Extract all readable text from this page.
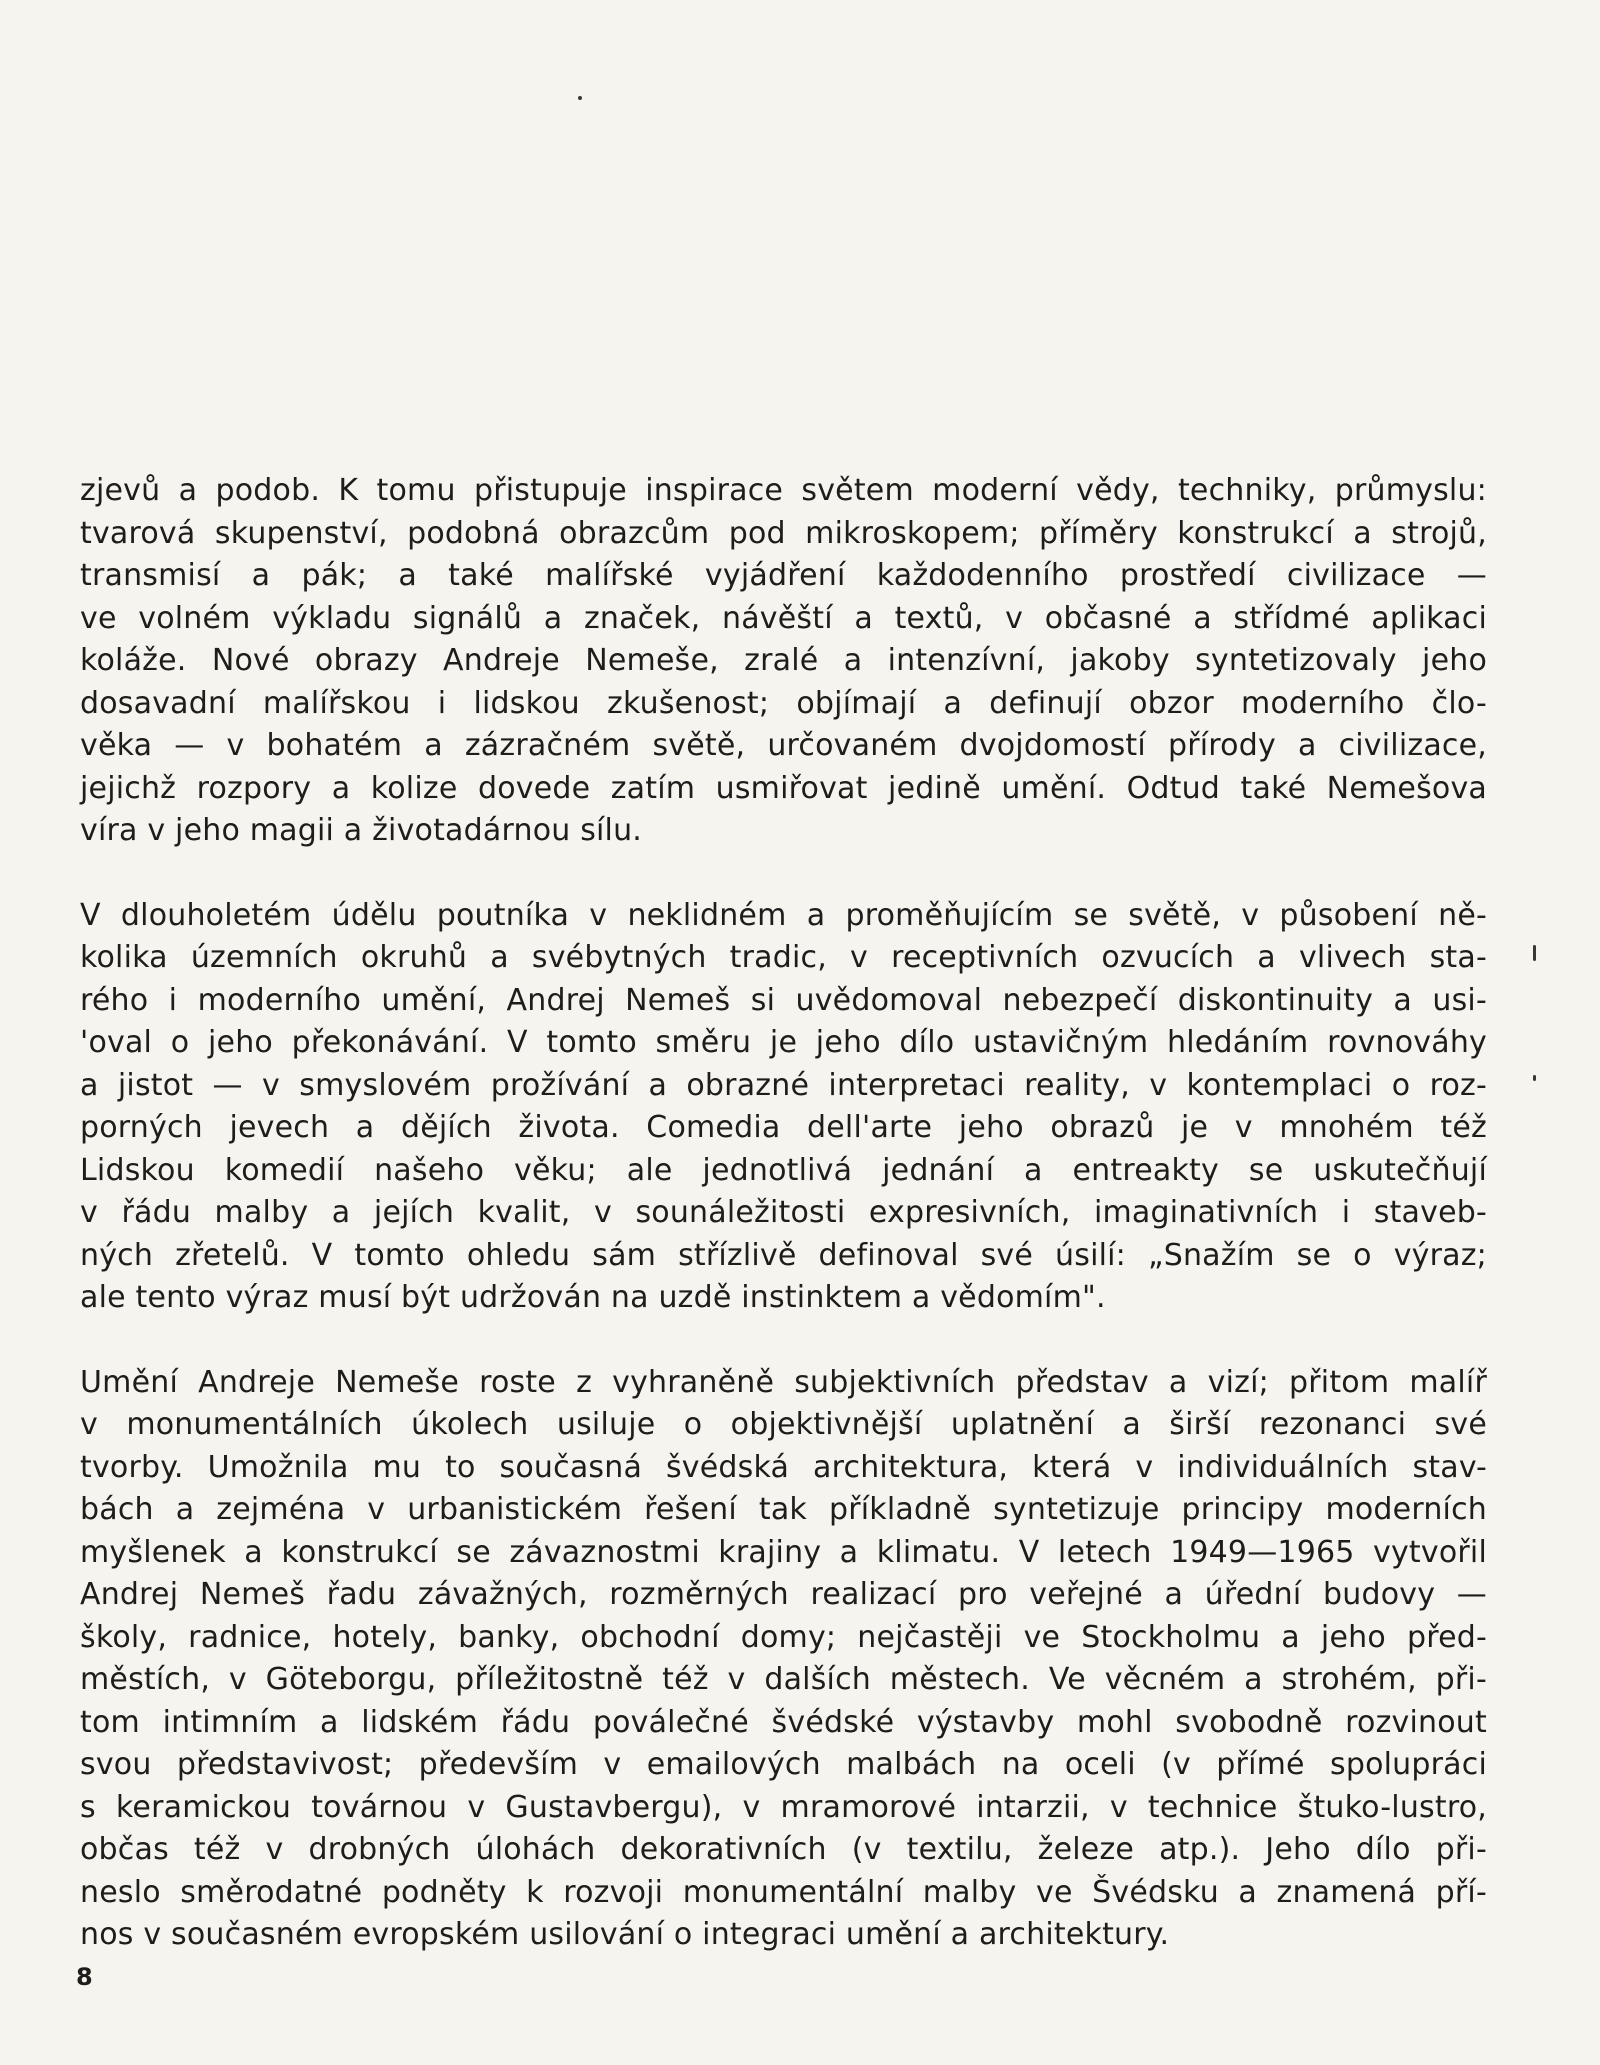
zjevů a podob. K tomu přistupuje inspirace světem moderní vědy, techniky, průmyslu:
tvarová skupenství, podobná obrazcům pod mikroskopem; příměry konstrukcí a strojů,
transmisí a pák; a také malířské vyjádření každodenního prostředí civilizace —
ve volném výkladu signálů a značek, návěští a textů, v občasné a střídmé aplikaci
koláže. Nové obrazy Andreje Nemeše, zralé a intenzívní, jakoby syntetizovaly jeho
dosavadní malířskou i lidskou zkušenost; objímají a definují obzor moderního člo-
věka — v bohatém a zázračném světě, určovaném dvojdomostí přírody a civilizace,
jejichž rozpory a kolize dovede zatím usmiřovat jedině umění. Odtud také Nemešova
víra v jeho magii a životadárnou sílu.
V dlouholetém údělu poutníka v neklidném a proměňujícím se světě, v působení ně-
kolika územních okruhů a svébytných tradic, v receptivních ozvucích a vlivech sta-
rého i moderního umění, Andrej Nemeš si uvědomoval nebezpečí diskontinuity a usi-
'oval o jeho překonávání. V tomto směru je jeho dílo ustavičným hledáním rovnováhy
a jistot — v smyslovém prožívání a obrazné interpretaci reality, v kontemplaci o roz-
porných jevech a dějích života. Comedia dell'arte jeho obrazů je v mnohém též
Lidskou komedií našeho věku; ale jednotlivá jednání a entreakty se uskutečňují
v řádu malby a jejích kvalit, v sounáležitosti expresivních, imaginativních i staveb-
ných zřetelů. V tomto ohledu sám střízlivě definoval své úsilí: „Snažím se o výraz;
ale tento výraz musí být udržován na uzdě instinktem a vědomím".
Umění Andreje Nemeše roste z vyhraněně subjektivních představ a vizí; přitom malíř
v monumentálních úkolech usiluje o objektivnější uplatnění a širší rezonanci své
tvorby. Umožnila mu to současná švédská architektura, která v individuálních stav-
bách a zejména v urbanistickém řešení tak příkladně syntetizuje principy moderních
myšlenek a konstrukcí se závaznostmi krajiny a klimatu. V letech 1949—1965 vytvořil
Andrej Nemeš řadu závažných, rozměrných realizací pro veřejné a úřední budovy —
školy, radnice, hotely, banky, obchodní domy; nejčastěji ve Stockholmu a jeho před-
městích, v Göteborgu, příležitostně též v dalších městech. Ve věcném a strohém, při-
tom intimním a lidském řádu poválečné švédské výstavby mohl svobodně rozvinout
svou představivost; především v emailových malbách na oceli (v přímé spolupráci
s keramickou továrnou v Gustavbergu), v mramorové intarzii, v technice štuko-lustro,
občas též v drobných úlohách dekorativních (v textilu, železe atp.). Jeho dílo při-
neslo směrodatné podněty k rozvoji monumentální malby ve Švédsku a znamená pří-
nos v současném evropském usilování o integraci umění a architektury.
8
